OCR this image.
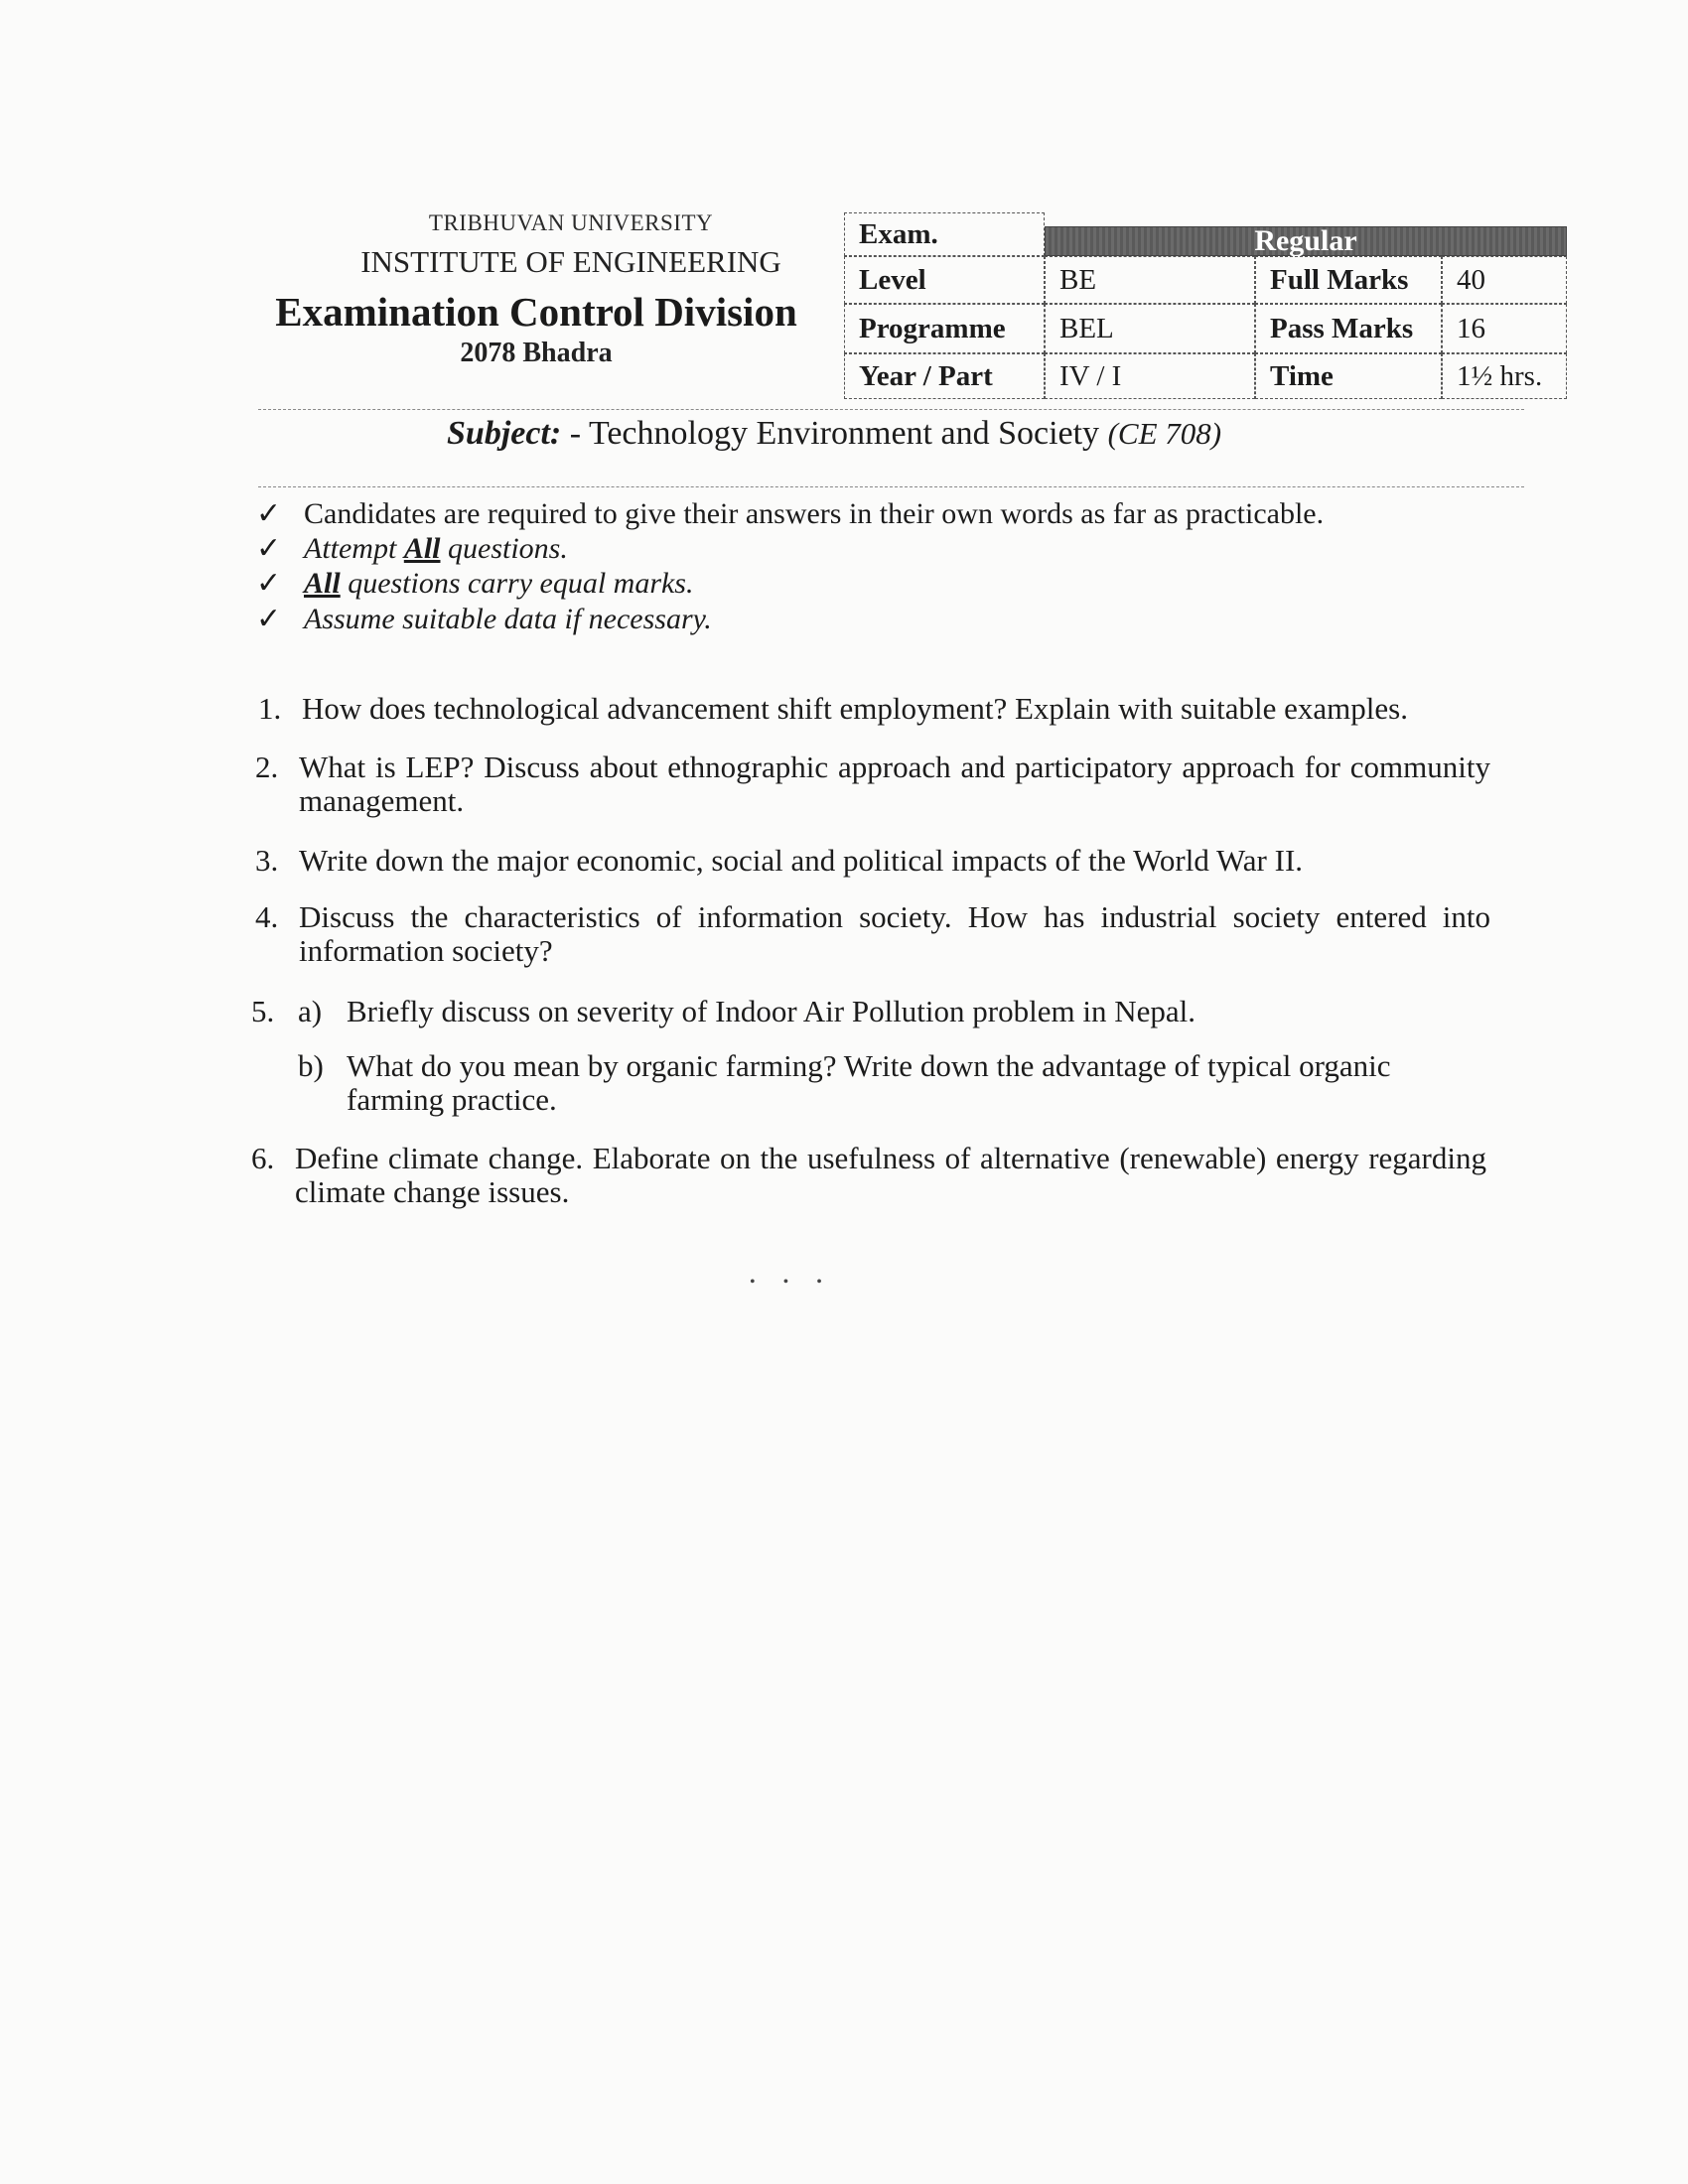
TRIBHUVAN UNIVERSITY
INSTITUTE OF ENGINEERING
Examination Control Division
2078 Bhadra
Exam.	Regular
Level	BE	Full Marks	40
Programme	BEL	Pass Marks	16
Year / Part	IV / I	Time	1½ hrs.
Subject: - Technology Environment and Society (CE 708)
✓ Candidates are required to give their answers in their own words as far as practicable.
✓ Attempt All questions.
✓ All questions carry equal marks.
✓ Assume suitable data if necessary.
1. How does technological advancement shift employment? Explain with suitable examples.
2. What is LEP? Discuss about ethnographic approach and participatory approach for community management.
3. Write down the major economic, social and political impacts of the World War II.
4. Discuss the characteristics of information society. How has industrial society entered into information society?
5. a) Briefly discuss on severity of Indoor Air Pollution problem in Nepal.
b) What do you mean by organic farming? Write down the advantage of typical organic farming practice.
6. Define climate change. Elaborate on the usefulness of alternative (renewable) energy regarding climate change issues.
• • •
